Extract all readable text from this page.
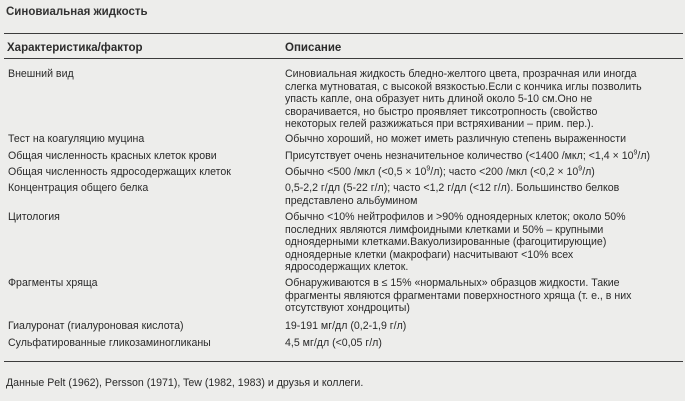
Синовиальная жидкость
Характеристика/фактор	Описание
Внешний вид	Синовиальная жидкость бледно-желтого цвета, прозрачная или иногда
слегка мутноватая, с высокой вязкостью.Если с кончика иглы позволить
упасть капле, она образует нить длиной около 5-10 см.Оно не
сворачивается, но быстро проявляет тиксотропность (свойство
некоторых гелей разжижаться при встряхивании – прим. пер.).
Тест на коагуляцию муцина	Обычно хороший, но может иметь различную степень выраженности
Общая численность красных клеток крови	Присутствует очень незначительное количество (<1400 /мкл; $<1,4 \times 10^9/л$)
Общая численность ядросодержащих клеток	Обычно <500 /мкл $(<0,5 \times 10^9/л)$; часто <200 /мкл $(<0,2 \times 10^9/л)$
Концентрация общего белка	0,5-2,2 г/дл (5-22 г/л); часто <1,2 г/дл (<12 г/л). Большинство белков
представлено альбумином
Цитология	Обычно <10% нейтрофилов и >90% одноядерных клеток; около 50%
последних являются лимфоидными клетками и 50% – крупными
одноядерными клетками.Вакуолизированные (фагоцитирующие)
одноядерные клетки (макрофаги) насчитывают <10% всех
ядросодержащих клеток.
Фрагменты хряща	Обнаруживаются в ≤ 15% «нормальных» образцов жидкости. Такие
фрагменты являются фрагментами поверхностного хряща (т. е., в них
отсутствуют хондроциты)
Гиалуронат (гиалуроновая кислота)	19-191 мг/дл (0,2-1,9 г/л)
Сульфатированные гликозаминогликаны	4,5 мг/дл (<0,05 г/л)
Данные Pelt (1962), Persson (1971), Tew (1982, 1983) и друзья и коллеги.
